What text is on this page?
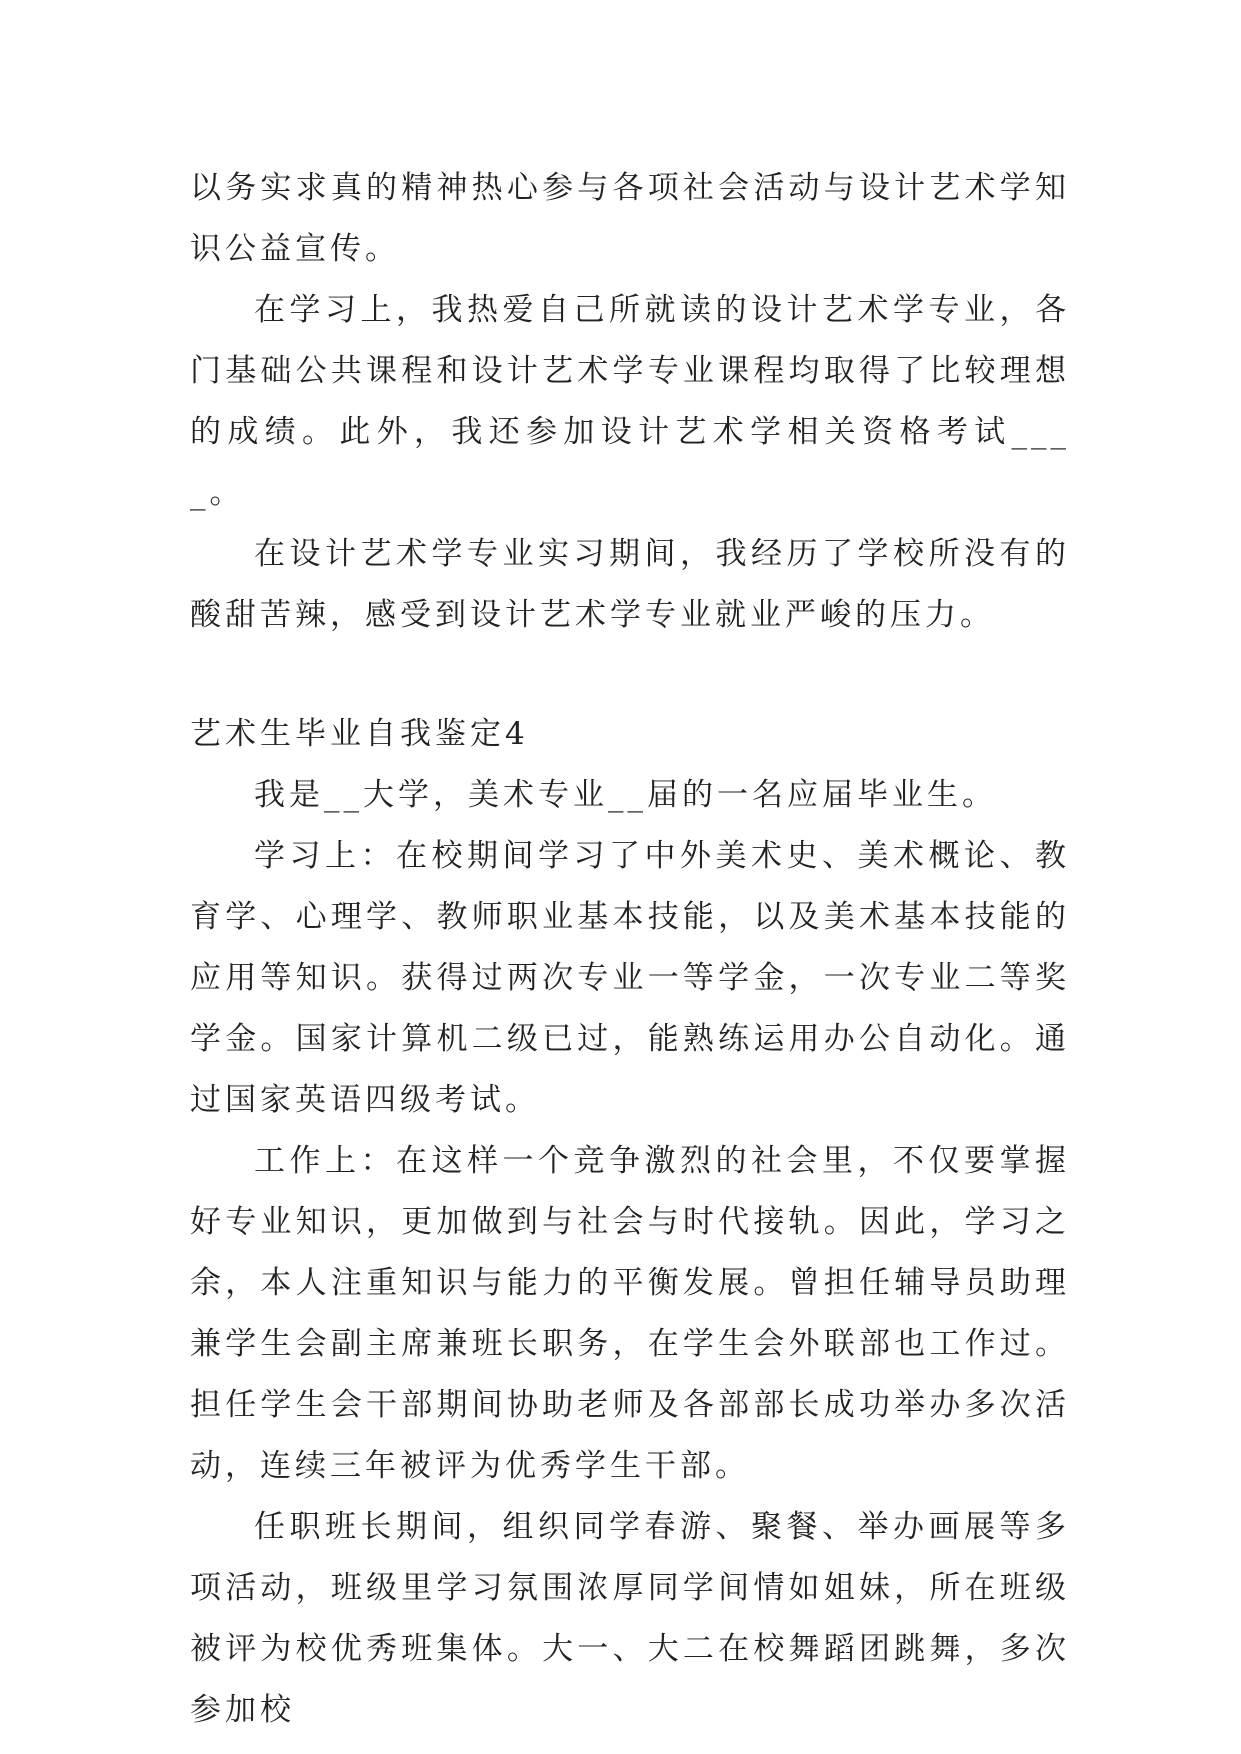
以务实求真的精神热心参与各项社会活动与设计艺术学知识公益宣传。

在学习上，我热爱自己所就读的设计艺术学专业，各门基础公共课程和设计艺术学专业课程均取得了比较理想的成绩。此外，我还参加设计艺术学相关资格考试____。

在设计艺术学专业实习期间，我经历了学校所没有的酸甜苦辣，感受到设计艺术学专业就业严峻的压力。

艺术生毕业自我鉴定4

我是__大学，美术专业__届的一名应届毕业生。

学习上：在校期间学习了中外美术史、美术概论、教育学、心理学、教师职业基本技能，以及美术基本技能的应用等知识。获得过两次专业一等学金，一次专业二等奖学金。国家计算机二级已过，能熟练运用办公自动化。通过国家英语四级考试。

工作上：在这样一个竞争激烈的社会里，不仅要掌握好专业知识，更加做到与社会与时代接轨。因此，学习之余，本人注重知识与能力的平衡发展。曾担任辅导员助理兼学生会副主席兼班长职务，在学生会外联部也工作过。担任学生会干部期间协助老师及各部部长成功举办多次活动，连续三年被评为优秀学生干部。

任职班长期间，组织同学春游、聚餐、举办画展等多项活动，班级里学习氛围浓厚同学间情如姐妹，所在班级被评为校优秀班集体。大一、大二在校舞蹈团跳舞，多次参加校
